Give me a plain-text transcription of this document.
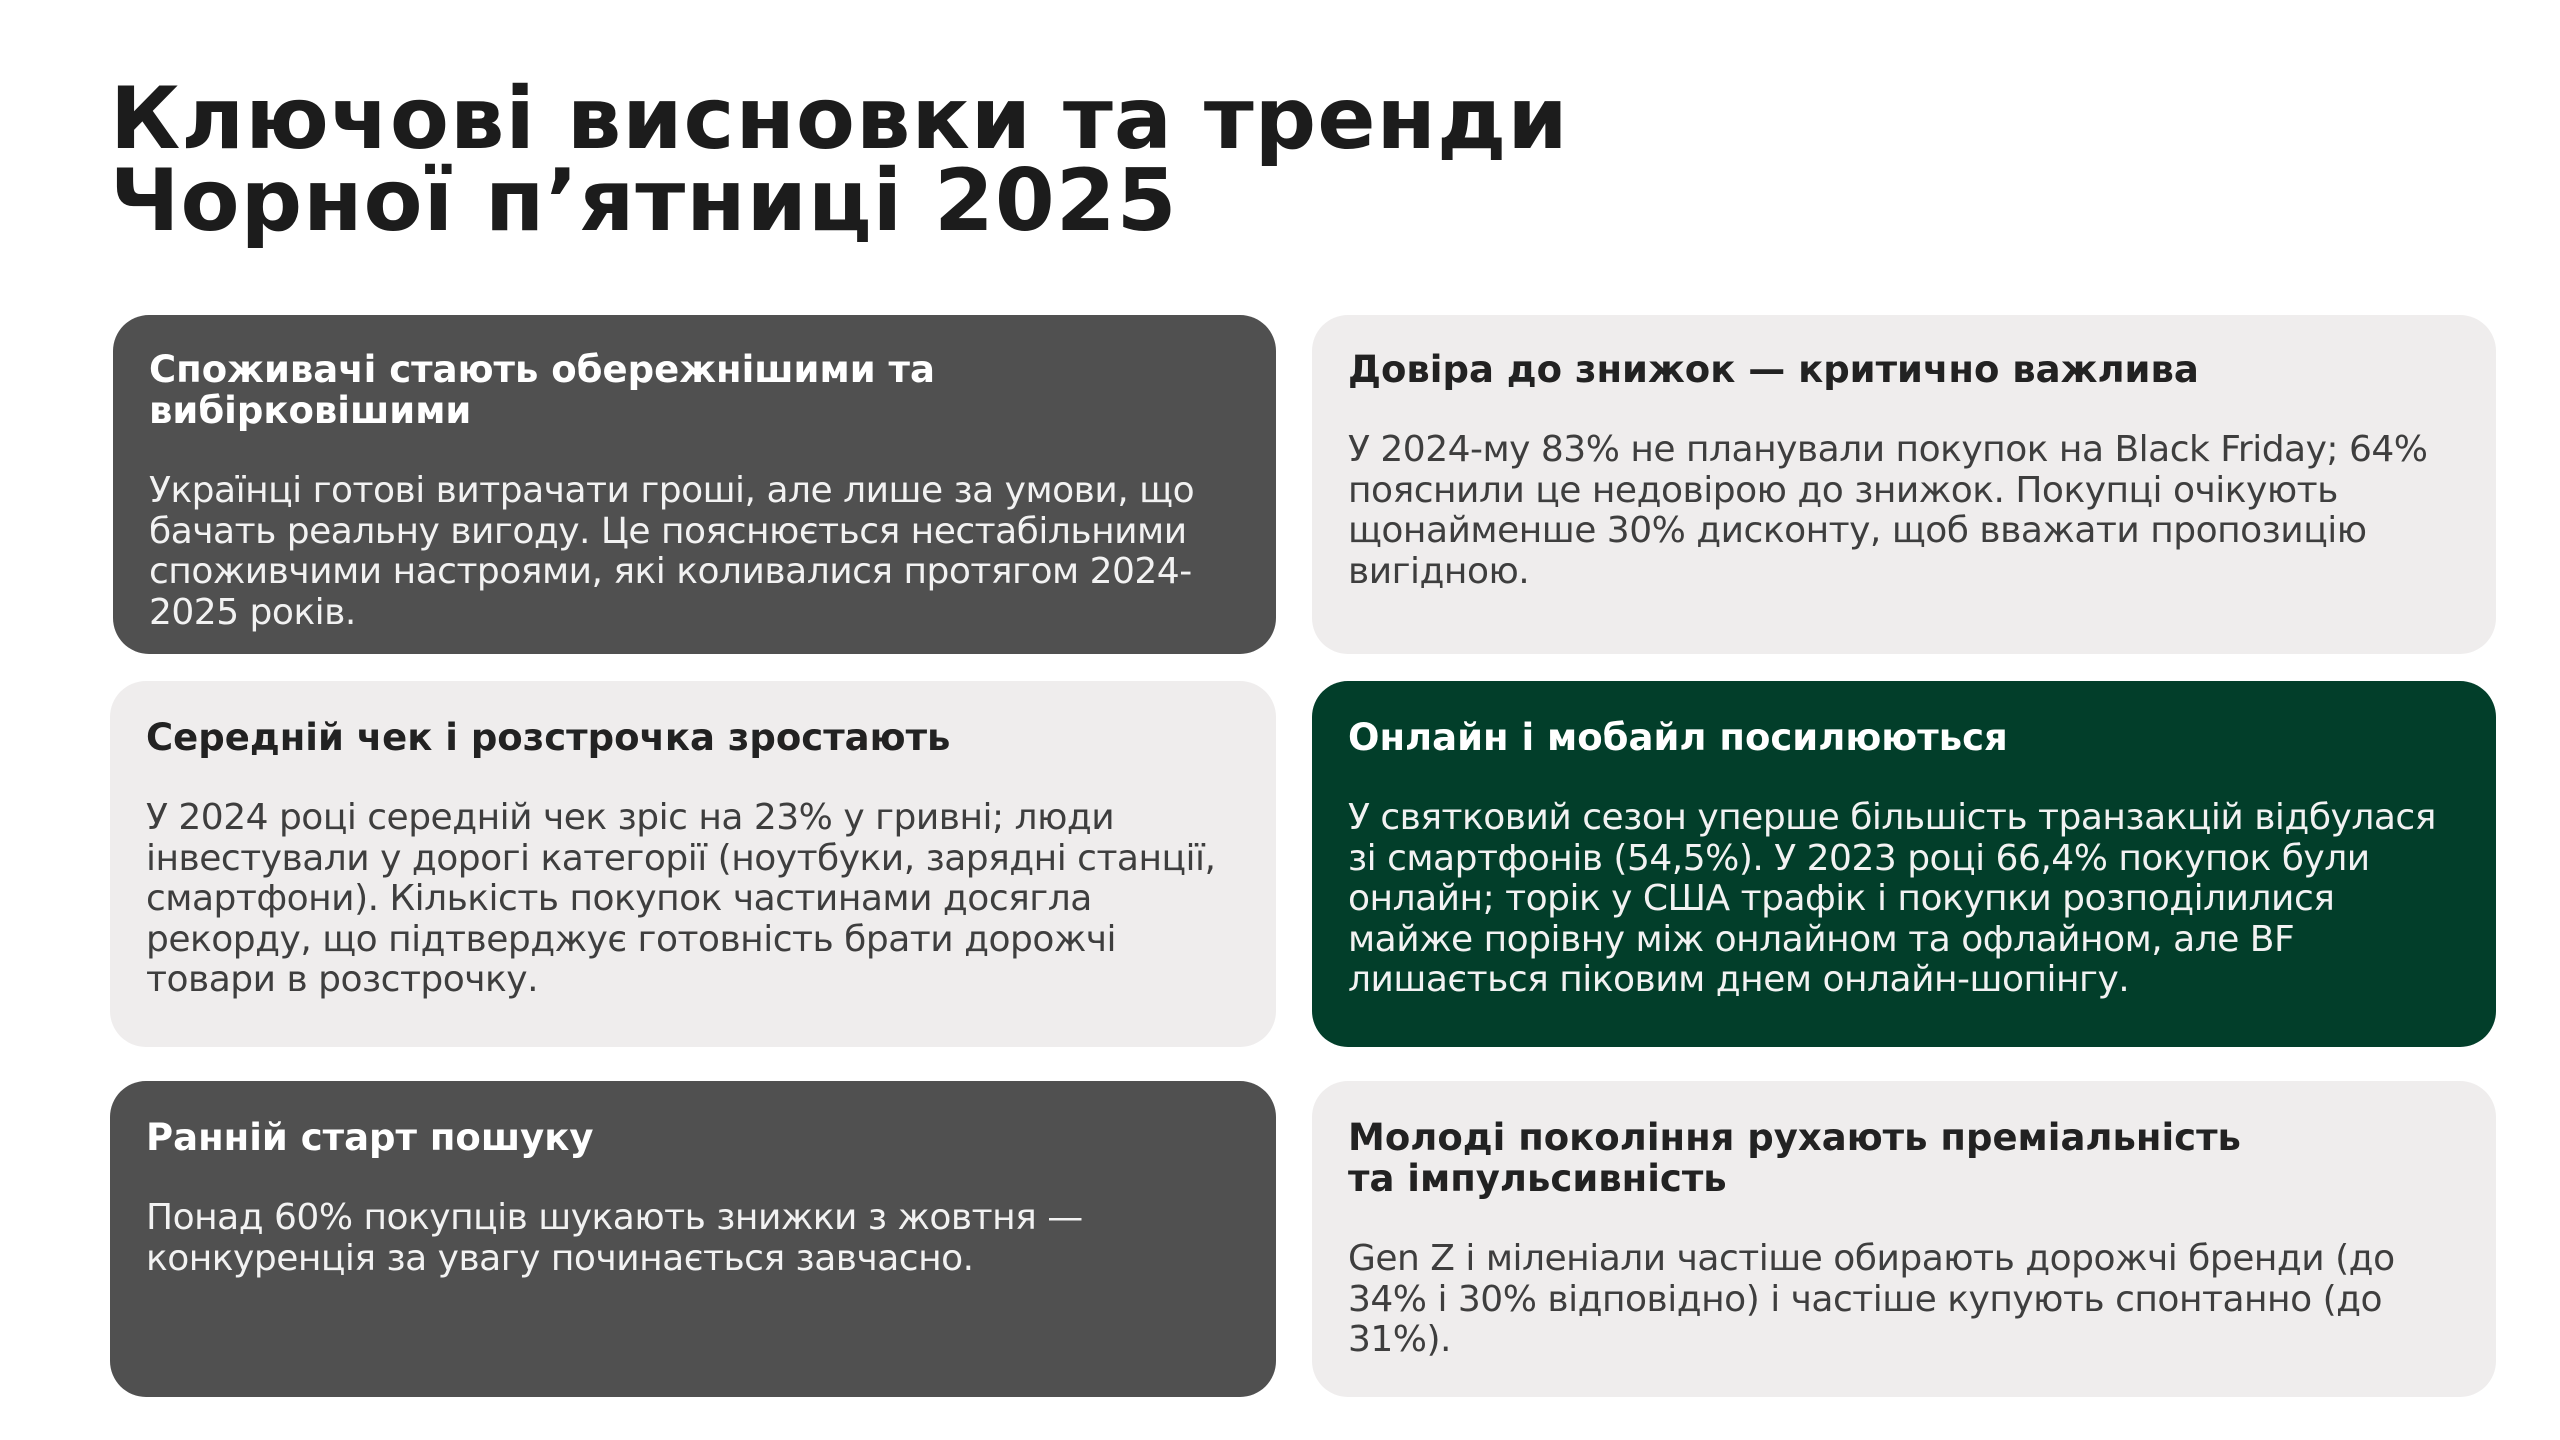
Ключові висновки та тренди
Чорної п’ятниці 2025
Споживачі стають обережнішими та вибірковішими

Українці готові витрачати гроші, але лише за умови, що бачать реальну вигоду. Це пояснюється нестабільними споживчими настроями, які коливалися протягом 2024-2025 років.

Довіра до знижок — критично важлива

У 2024-му 83% не планували покупок на Black Friday; 64% пояснили це недовірою до знижок. Покупці очікують щонайменше 30% дисконту, щоб вважати пропозицію вигідною.

Середній чек і розстрочка зростають

У 2024 році середній чек зріс на 23% у гривні; люди інвестували у дорогі категорії (ноутбуки, зарядні станції, смартфони). Кількість покупок частинами досягла рекорду, що підтверджує готовність брати дорожчі товари в розстрочку.

Онлайн і мобайл посилюються

У святковий сезон уперше більшість транзакцій відбулася зі смартфонів (54,5%). У 2023 році 66,4% покупок були онлайн; торік у США трафік і покупки розподілилися майже порівну між онлайном та офлайном, але BF лишається піковим днем онлайн-шопінгу.

Ранній старт пошуку

Понад 60% покупців шукають знижки з жовтня — конкуренція за увагу починається завчасно.

Молоді покоління рухають преміальність та імпульсивність

Gen Z і міленіали частіше обирають дорожчі бренди (до 34% і 30% відповідно) і частіше купують спонтанно (до 31%).
